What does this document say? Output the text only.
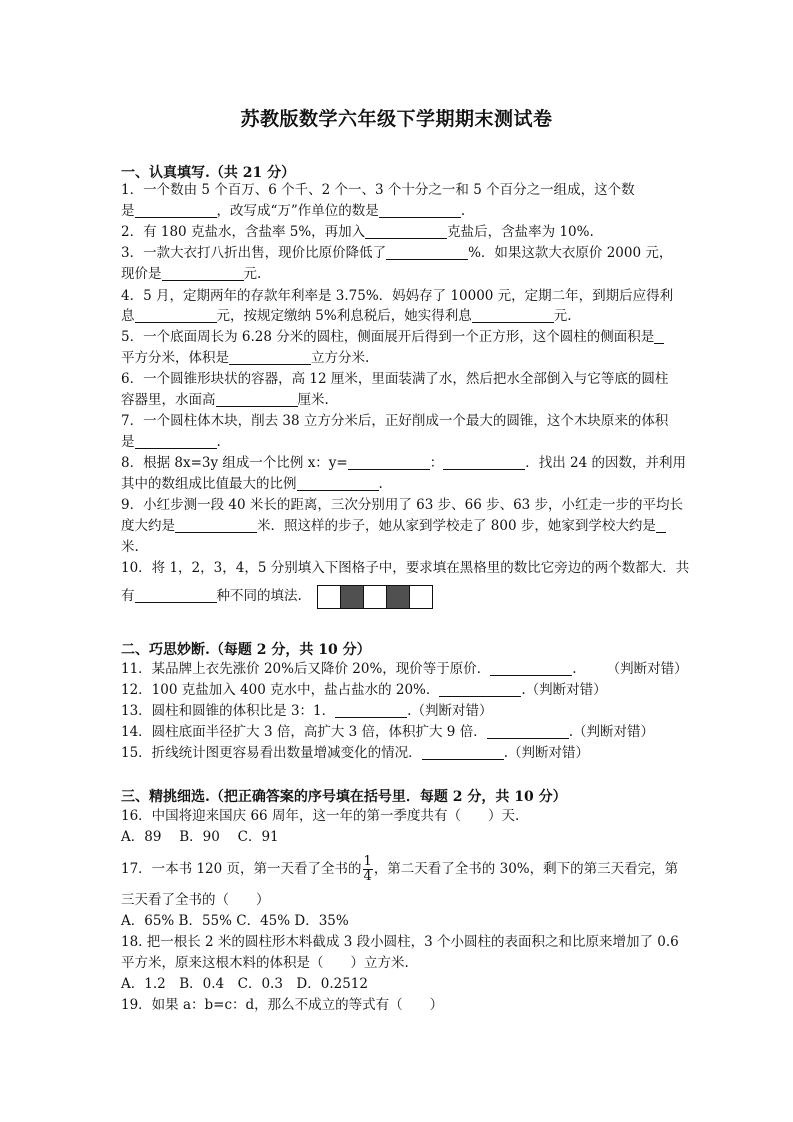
苏教版数学六年级下学期期末测试卷
一、认真填写.（共 21 分）
1．一个数由 5 个百万、6 个千、2 个一、3 个十分之一和 5 个百分之一组成，这个数
是	，改写成“万”作单位的数是	.
2．有 180 克盐水，含盐率 5%，再加入	克盐后，含盐率为 10%.
3．一款大衣打八折出售，现价比原价降低了	%．如果这款大衣原价 2000 元，
现价是	元.
4．5 月，定期两年的存款年利率是 3.75%．妈妈存了 10000 元，定期二年，到期后应得利
息	元，按规定缴纳 5%利息税后，她实得利息	元.
5．一个底面周长为 6.28 分米的圆柱，侧面展开后得到一个正方形，这个圆柱的侧面积是
平方分米，体积是	立方分米.
6．一个圆锥形块状的容器，高 12 厘米，里面装满了水，然后把水全部倒入与它等底的圆柱
容器里，水面高	厘米.
7．一个圆柱体木块，削去 38 立方分米后，正好削成一个最大的圆锥，这个木块原来的体积
是	.
8．根据 8x=3y 组成一个比例 x：y=	：	．找出 24 的因数，并利用
其中的数组成比值最大的比例	.
9．小红步测一段 40 米长的距离，三次分别用了 63 步、66 步、63 步，小红走一步的平均长
度大约是	米．照这样的步子，她从家到学校走了 800 步，她家到学校大约是
米.
10．将 1，2，3，4，5 分别填入下图格子中，要求填在黑格里的数比它旁边的两个数都大．共
有	种不同的填法.
二、巧思妙断.（每题 2 分，共 10 分）
11．某品牌上衣先涨价 20%后又降价 20%，现价等于原价．	. （判断对错）
12．100 克盐加入 400 克水中，盐占盐水的 20%．	.（判断对错）
13．圆柱和圆锥的体积比是 3：1．	.（判断对错）
14．圆柱底面半径扩大 3 倍，高扩大 3 倍，体积扩大 9 倍．	.（判断对错）
15．折线统计图更容易看出数量增减变化的情况．	.（判断对错）
三、精挑细选.（把正确答案的序号填在括号里．每题 2 分，共 10 分）
16．中国将迎来国庆 66 周年，这一年的第一季度共有（　　）天.
A．89　 B．90　 C．91
17．一本书 120 页，第一天看了全书的 $\frac{1}{4}$ ，第二天看了全书的 30%，剩下的第三天看完，第
三天看了全书的（　　）
A．65% B．55% C．45% D．35%
18. 把一根长 2 米的圆柱形木料截成 3 段小圆柱，3 个小圆柱的表面积之和比原来增加了 0.6
平方米，原来这根木料的体积是（　　）立方米.
A．1.2　B．0.4　C．0.3　D．0.2512
19．如果 a：b=c：d，那么不成立的等式有（　　）
